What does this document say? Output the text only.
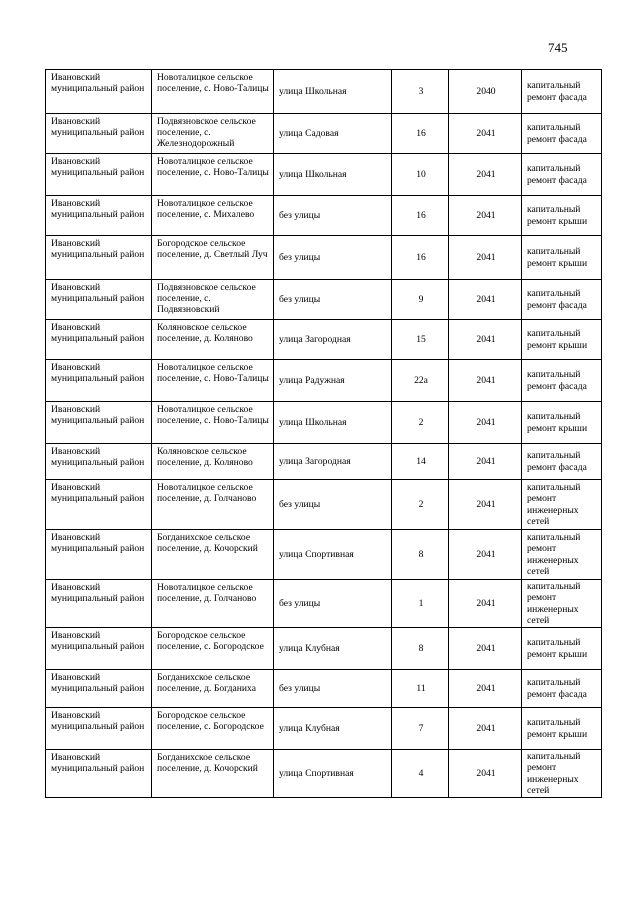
745
Ивановский муниципальный район	Новоталицкое сельское поселение, с. Ново-Талицы	улица Школьная	3	2040	капитальный ремонт фасада
Ивановский муниципальный район	Подвязновское сельское поселение, с. Железнодорожный	улица Садовая	16	2041	капитальный ремонт фасада
Ивановский муниципальный район	Новоталицкое сельское поселение, с. Ново-Талицы	улица Школьная	10	2041	капитальный ремонт фасада
Ивановский муниципальный район	Новоталицкое сельское поселение, с. Михалево	без улицы	16	2041	капитальный ремонт крыши
Ивановский муниципальный район	Богородское сельское поселение, д. Светлый Луч	без улицы	16	2041	капитальный ремонт крыши
Ивановский муниципальный район	Подвязновское сельское поселение, с. Подвязновский	без улицы	9	2041	капитальный ремонт фасада
Ивановский муниципальный район	Коляновское сельское поселение, д. Коляново	улица Загородная	15	2041	капитальный ремонт крыши
Ивановский муниципальный район	Новоталицкое сельское поселение, с. Ново-Талицы	улица Радужная	22а	2041	капитальный ремонт фасада
Ивановский муниципальный район	Новоталицкое сельское поселение, с. Ново-Талицы	улица Школьная	2	2041	капитальный ремонт крыши
Ивановский муниципальный район	Коляновское сельское поселение, д. Коляново	улица Загородная	14	2041	капитальный ремонт фасада
Ивановский муниципальный район	Новоталицкое сельское поселение, д. Голчаново	без улицы	2	2041	капитальный ремонт инженерных сетей
Ивановский муниципальный район	Богданихское сельское поселение, д. Кочорский	улица Спортивная	8	2041	капитальный ремонт инженерных сетей
Ивановский муниципальный район	Новоталицкое сельское поселение, д. Голчаново	без улицы	1	2041	капитальный ремонт инженерных сетей
Ивановский муниципальный район	Богородское сельское поселение, с. Богородское	улица Клубная	8	2041	капитальный ремонт крыши
Ивановский муниципальный район	Богданихское сельское поселение, д. Богданиха	без улицы	11	2041	капитальный ремонт фасада
Ивановский муниципальный район	Богородское сельское поселение, с. Богородское	улица Клубная	7	2041	капитальный ремонт крыши
Ивановский муниципальный район	Богданихское сельское поселение, д. Кочорский	улица Спортивная	4	2041	капитальный ремонт инженерных сетей
